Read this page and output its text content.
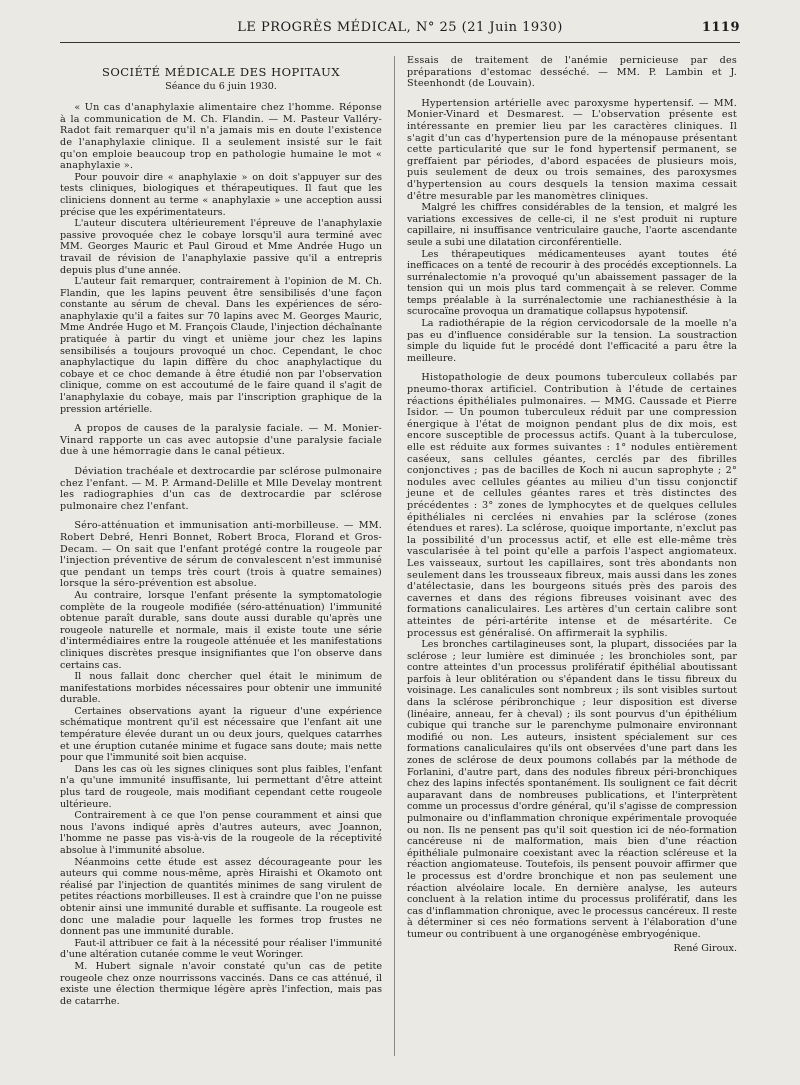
LE PROGRÈS MÉDICAL, N° 25 (21 Juin 1930)	1119

SOCIÉTÉ MÉDICALE DES HOPITAUX

Séance du 6 juin 1930.

« Un cas d'anaphylaxie alimentaire chez l'homme. Réponse à la communication de M. Ch. Flandin. — M. Pasteur Valléry-Radot fait remarquer qu'il n'a jamais mis en doute l'existence de l'anaphylaxie clinique. Il a seulement insisté sur le fait qu'on emploie beaucoup trop en pathologie humaine le mot « anaphylaxie ».

Pour pouvoir dire « anaphylaxie » on doit s'appuyer sur des tests cliniques, biologiques et thérapeutiques. Il faut que les cliniciens donnent au terme « anaphylaxie » une acception aussi précise que les expérimentateurs.

L'auteur discutera ultérieurement l'épreuve de l'anaphylaxie passive provoquée chez le cobaye lorsqu'il aura terminé avec MM. Georges Mauric et Paul Giroud et Mme Andrée Hugo un travail de révision de l'anaphylaxie passive qu'il a entrepris depuis plus d'une année.

L'auteur fait remarquer, contrairement à l'opinion de M. Ch. Flandin, que les lapins peuvent être sensibilisés d'une façon constante au sérum de cheval. Dans les expériences de séro-anaphylaxie qu'il a faites sur 70 lapins avec M. Georges Mauric, Mme Andrée Hugo et M. François Claude, l'injection déchaînante pratiquée à partir du vingt et unième jour chez les lapins sensibilisés a toujours provoqué un choc. Cependant, le choc anaphylactique du lapin diffère du choc anaphylactique du cobaye et ce choc demande à être étudié non par l'observation clinique, comme on est accoutumé de le faire quand il s'agit de l'anaphylaxie du cobaye, mais par l'inscription graphique de la pression artérielle.

A propos de causes de la paralysie faciale. — M. Monier-Vinard rapporte un cas avec autopsie d'une paralysie faciale due à une hémorragie dans le canal pétieux.

Déviation trachéale et dextrocardie par sclérose pulmonaire chez l'enfant. — M. P. Armand-Delille et Mlle Develay montrent les radiographies d'un cas de dextrocardie par sclérose pulmonaire chez l'enfant.

Séro-atténuation et immunisation anti-morbilleuse. — MM. Robert Debré, Henri Bonnet, Robert Broca, Florand et Gros-Decam. — On sait que l'enfant protégé contre la rougeole par l'injection préventive de sérum de convalescent n'est immunisé que pendant un temps très court (trois à quatre semaines) lorsque la séro-prévention est absolue.

Au contraire, lorsque l'enfant présente la symptomatologie complète de la rougeole modifiée (séro-atténuation) l'immunité obtenue paraît durable, sans doute aussi durable qu'après une rougeole naturelle et normale, mais il existe toute une série d'intermédiaires entre la rougeole atténuée et les manifestations cliniques discrètes presque insignifiantes que l'on observe dans certains cas.

Il nous fallait donc chercher quel était le minimum de manifestations morbides nécessaires pour obtenir une immunité durable.

Certaines observations ayant la rigueur d'une expérience schématique montrent qu'il est nécessaire que l'enfant ait une température élevée durant un ou deux jours, quelques catarrhes et une éruption cutanée minime et fugace sans doute; mais nette pour que l'immunité soit bien acquise.

Dans les cas où les signes cliniques sont plus faibles, l'enfant n'a qu'une immunité insuffisante, lui permettant d'être atteint plus tard de rougeole, mais modifiant cependant cette rougeole ultérieure.

Contrairement à ce que l'on pense couramment et ainsi que nous l'avons indiqué après d'autres auteurs, avec Joannon, l'homme ne passe pas vis-à-vis de la rougeole de la réceptivité absolue à l'immunité absolue.

Néanmoins cette étude est assez décourageante pour les auteurs qui comme nous-même, après Hiraishi et Okamoto ont réalisé par l'injection de quantités minimes de sang virulent de petites réactions morbilleuses. Il est à craindre que l'on ne puisse obtenir ainsi une immunité durable et suffisante. La rougeole est donc une maladie pour laquelle les formes trop frustes ne donnent pas une immunité durable.

Faut-il attribuer ce fait à la nécessité pour réaliser l'immunité d'une altération cutanée comme le veut Woringer.

M. Hubert signale n'avoir constaté qu'un cas de petite rougeole chez onze nourrissons vaccinés. Dans ce cas atténué, il existe une élection thermique légère après l'infection, mais pas de catarrhe.

Essais de traitement de l'anémie pernicieuse par des préparations d'estomac desséché. — MM. P. Lambin et J. Steenhondt (de Louvain).

Hypertension artérielle avec paroxysme hypertensif. — MM. Monier-Vinard et Desmarest. — L'observation présente est intéressante en premier lieu par les caractères cliniques. Il s'agit d'un cas d'hypertension pure de la ménopause présentant cette particularité que sur le fond hypertensif permanent, se greffaient par périodes, d'abord espacées de plusieurs mois, puis seulement de deux ou trois semaines, des paroxysmes d'hypertension au cours desquels la tension maxima cessait d'être mesurable par les manomètres cliniques.

Malgré les chiffres considérables de la tension, et malgré les variations excessives de celle-ci, il ne s'est produit ni rupture capillaire, ni insuffisance ventriculaire gauche, l'aorte ascendante seule a subi une dilatation circonférentielle.

Les thérapeutiques médicamenteuses ayant toutes été inefficaces on a tenté de recourir à des procédés exceptionnels. La surrénalectomie n'a provoqué qu'un abaissement passager de la tension qui un mois plus tard commençait à se relever. Comme temps préalable à la surrénalectomie une rachianesthésie à la scurocaïne provoqua un dramatique collapsus hypotensif.

La radiothérapie de la région cervicodorsale de la moelle n'a pas eu d'influence considérable sur la tension. La soustraction simple du liquide fut le procédé dont l'efficacité a paru être la meilleure.

Histopathologie de deux poumons tuberculeux collabés par pneumo-thorax artificiel. Contribution à l'étude de certaines réactions épithéliales pulmonaires. — MMG. Caussade et Pierre Isidor. — Un poumon tuberculeux réduit par une compression énergique à l'état de moignon pendant plus de dix mois, est encore susceptible de processus actifs. Quant à la tuberculose, elle est réduite aux formes suivantes : 1° nodules entièrement caséeux, sans cellules géantes, cerclés par des fibrilles conjonctives ; pas de bacilles de Koch ni aucun saprophyte ; 2° nodules avec cellules géantes au milieu d'un tissu conjonctif jeune et de cellules géantes rares et très distinctes des précédentes : 3° zones de lymphocytes et de quelques cellules épithéliales ni cerclées ni envahies par la sclérose (zones étendues et rares). La sclérose, quoique importante, n'exclut pas la possibilité d'un processus actif, et elle est elle-même très vascularisée à tel point qu'elle a parfois l'aspect angiomateux. Les vaisseaux, surtout les capillaires, sont très abondants non seulement dans les trousseaux fibreux, mais aussi dans les zones d'atélectasie, dans les bourgeons situés près des parois des cavernes et dans des régions fibreuses voisinant avec des formations canaliculaires. Les artères d'un certain calibre sont atteintes de péri-artérite intense et de mésartérite. Ce processus est généralisé. On affirmerait la syphilis.

Les bronches cartilagineuses sont, la plupart, dissociées par la sclérose ; leur lumière est diminuée ; les bronchioles sont, par contre atteintes d'un processus prolifératif épithélial aboutissant parfois à leur oblitération ou s'épandent dans le tissu fibreux du voisinage. Les canalicules sont nombreux ; ils sont visibles surtout dans la sclérose péribronchique ; leur disposition est diverse (linéaire, anneau, fer à cheval) ; ils sont pourvus d'un épithélium cubique qui tranche sur le parenchyme pulmonaire environnant modifié ou non. Les auteurs, insistent spécialement sur ces formations canaliculaires qu'ils ont observées d'une part dans les zones de sclérose de deux poumons collabés par la méthode de Forlanini, d'autre part, dans des nodules fibreux péri-bronchiques chez des lapins infectés spontanément. Ils soulignent ce fait décrit auparavant dans de nombreuses publications, et l'interprètent comme un processus d'ordre général, qu'il s'agisse de compression pulmonaire ou d'inflammation chronique expérimentale provoquée ou non. Ils ne pensent pas qu'il soit question ici de néo-formation cancéreuse ni de malformation, mais bien d'une réaction épithéliale pulmonaire coexistant avec la réaction scléreuse et la réaction angiomateuse. Toutefois, ils pensent pouvoir affirmer que le processus est d'ordre bronchique et non pas seulement une réaction alvéolaire locale. En dernière analyse, les auteurs concluent à la relation intime du processus prolifératif, dans les cas d'inflammation chronique, avec le processus cancéreux. Il reste à déterminer si ces néo formations servent à l'élaboration d'une tumeur ou contribuent à une organogénèse embryogénique.

René Giroux.
